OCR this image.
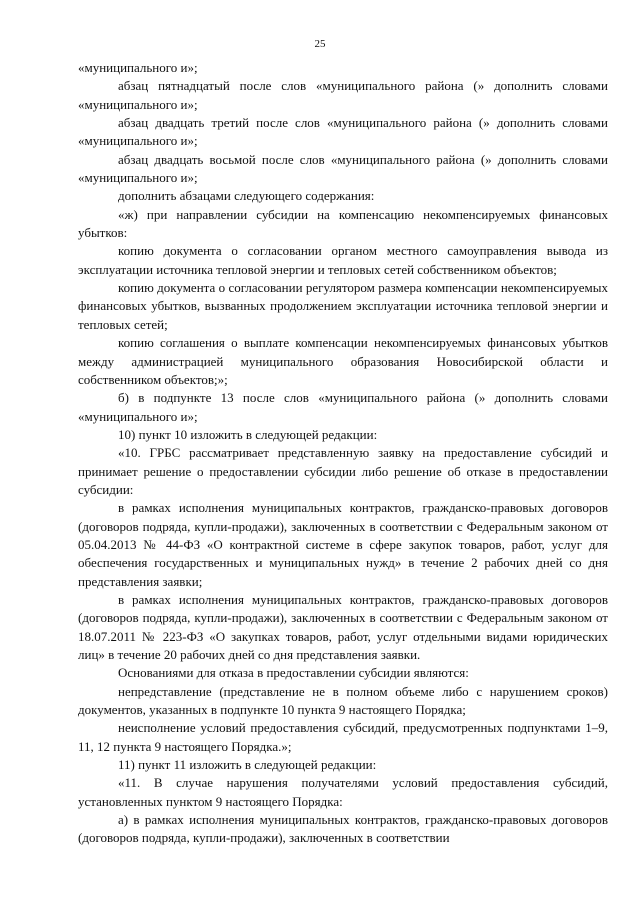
25

«муниципального и»;

абзац пятнадцатый после слов «муниципального района (» дополнить словами «муниципального и»;

абзац двадцать третий после слов «муниципального района (» дополнить словами «муниципального и»;

абзац двадцать восьмой после слов «муниципального района (» дополнить словами «муниципального и»;

дополнить абзацами следующего содержания:

«ж) при направлении субсидии на компенсацию некомпенсируемых финансовых убытков:

копию документа о согласовании органом местного самоуправления вывода из эксплуатации источника тепловой энергии и тепловых сетей собственником объектов;

копию документа о согласовании регулятором размера компенсации некомпенсируемых финансовых убытков, вызванных продолжением эксплуатации источника тепловой энергии и тепловых сетей;

копию соглашения о выплате компенсации некомпенсируемых финансовых убытков между администрацией муниципального образования Новосибирской области и собственником объектов;»;

б) в подпункте 13 после слов «муниципального района (» дополнить словами «муниципального и»;

10) пункт 10 изложить в следующей редакции:

«10. ГРБС рассматривает представленную заявку на предоставление субсидий и принимает решение о предоставлении субсидии либо решение об отказе в предоставлении субсидии:

в рамках исполнения муниципальных контрактов, гражданско-правовых договоров (договоров подряда, купли-продажи), заключенных в соответствии с Федеральным законом от 05.04.2013 № 44-ФЗ «О контрактной системе в сфере закупок товаров, работ, услуг для обеспечения государственных и муниципальных нужд» в течение 2 рабочих дней со дня представления заявки;

в рамках исполнения муниципальных контрактов, гражданско-правовых договоров (договоров подряда, купли-продажи), заключенных в соответствии с Федеральным законом от 18.07.2011 № 223-ФЗ «О закупках товаров, работ, услуг отдельными видами юридических лиц» в течение 20 рабочих дней со дня представления заявки.

Основаниями для отказа в предоставлении субсидии являются:

непредставление (представление не в полном объеме либо с нарушением сроков) документов, указанных в подпункте 10 пункта 9 настоящего Порядка;

неисполнение условий предоставления субсидий, предусмотренных подпунктами 1–9, 11, 12 пункта 9 настоящего Порядка.»;

11) пункт 11 изложить в следующей редакции:

«11. В случае нарушения получателями условий предоставления субсидий, установленных пунктом 9 настоящего Порядка:

а) в рамках исполнения муниципальных контрактов, гражданско-правовых договоров (договоров подряда, купли-продажи), заключенных в соответствии
